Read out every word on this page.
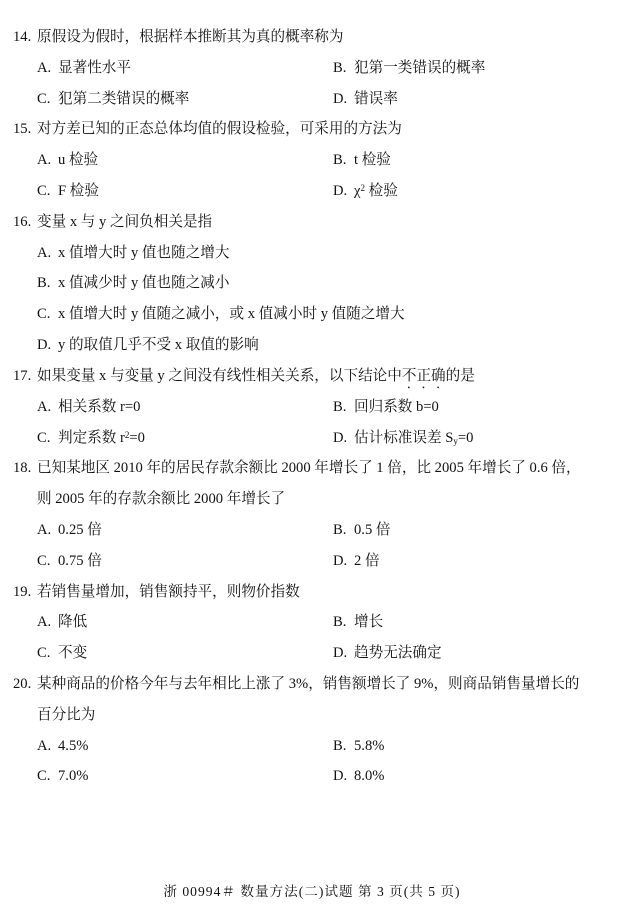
14. 原假设为假时，根据样本推断其为真的概率称为
A. 显著性水平	B. 犯第一类错误的概率
C. 犯第二类错误的概率	D. 错误率
15. 对方差已知的正态总体均值的假设检验，可采用的方法为
A. u 检验	B. t 检验
C. F 检验	D. $\chi^2$ 检验
16. 变量 x 与 y 之间负相关是指
A. x 值增大时 y 值也随之增大
B. x 值减少时 y 值也随之减小
C. x 值增大时 y 值随之减小，或 x 值减小时 y 值随之增大
D. y 的取值几乎不受 x 取值的影响
17. 如果变量 x 与变量 y 之间没有线性相关关系，以下结论中不正确的是
A. 相关系数 r=0	B. 回归系数 b=0
C. 判定系数 $r^2=0$	D. 估计标准误差 $S_y=0$
18. 已知某地区 2010 年的居民存款余额比 2000 年增长了 1 倍，比 2005 年增长了 0.6 倍，
则 2005 年的存款余额比 2000 年增长了
A. 0.25 倍	B. 0.5 倍
C. 0.75 倍	D. 2 倍
19. 若销售量增加，销售额持平，则物价指数
A. 降低	B. 增长
C. 不变	D. 趋势无法确定
20. 某种商品的价格今年与去年相比上涨了 3%，销售额增长了 9%，则商品销售量增长的
百分比为
A. 4.5%	B. 5.8%
C. 7.0%	D. 8.0%
浙 00994＃ 数量方法(二)试题 第 3 页(共 5 页)
